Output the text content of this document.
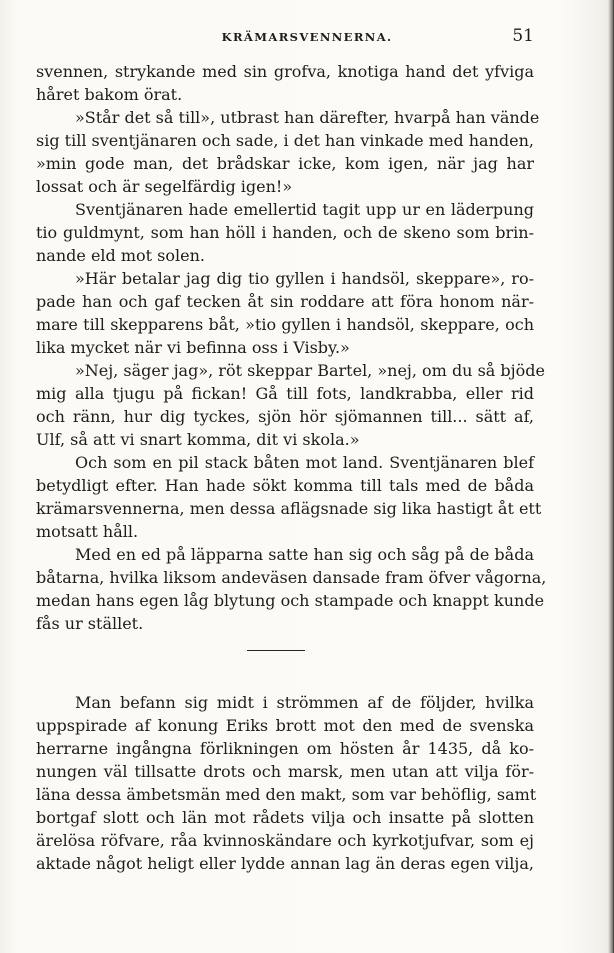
KRÄMARSVENNERNA.	51
svennen, strykande med sin grofva, knotiga hand det yfviga
håret bakom örat.
»Står det så till», utbrast han därefter, hvarpå han vände
sig till sventjänaren och sade, i det han vinkade med handen,
»min gode man, det brådskar icke, kom igen, när jag har
lossat och är segelfärdig igen!»
Sventjänaren hade emellertid tagit upp ur en läderpung
tio guldmynt, som han höll i handen, och de skeno som brin-
nande eld mot solen.
»Här betalar jag dig tio gyllen i handsöl, skeppare», ro-
pade han och gaf tecken åt sin roddare att föra honom när-
mare till skepparens båt, »tio gyllen i handsöl, skeppare, och
lika mycket när vi befinna oss i Visby.»
»Nej, säger jag», röt skeppar Bartel, »nej, om du så bjöde
mig alla tjugu på fickan! Gå till fots, landkrabba, eller rid
och ränn, hur dig tyckes, sjön hör sjömannen till... sätt af,
Ulf, så att vi snart komma, dit vi skola.»
Och som en pil stack båten mot land. Sventjänaren blef
betydligt efter. Han hade sökt komma till tals med de båda
krämarsvennerna, men dessa aflägsnade sig lika hastigt åt ett
motsatt håll.
Med en ed på läpparna satte han sig och såg på de båda
båtarna, hvilka liksom andeväsen dansade fram öfver vågorna,
medan hans egen låg blytung och stampade och knappt kunde
fås ur stället.
Man befann sig midt i strömmen af de följder, hvilka
uppspirade af konung Eriks brott mot den med de svenska
herrarne ingångna förlikningen om hösten år 1435, då ko-
nungen väl tillsatte drots och marsk, men utan att vilja för-
läna dessa ämbetsmän med den makt, som var behöflig, samt
bortgaf slott och län mot rådets vilja och insatte på slotten
ärelösa röfvare, råa kvinnoskändare och kyrkotjufvar, som ej
aktade något heligt eller lydde annan lag än deras egen vilja,
